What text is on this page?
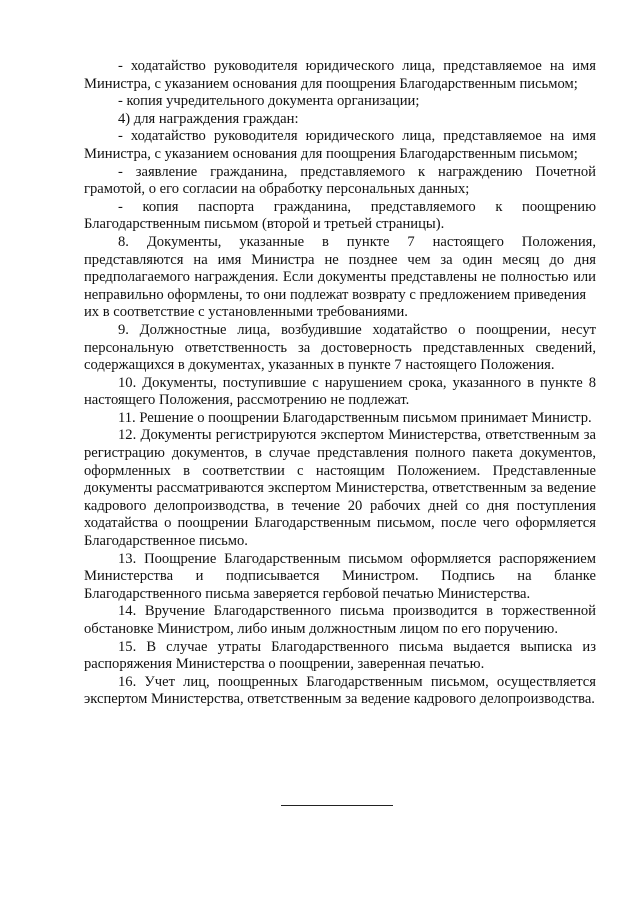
- ходатайство руководителя юридического лица, представляемое на имя Министра, с указанием основания для поощрения Благодарственным письмом;

- копия учредительного документа организации;

4) для награждения граждан:

- ходатайство руководителя юридического лица, представляемое на имя Министра, с указанием основания для поощрения Благодарственным письмом;

- заявление гражданина, представляемого к награждению Почетной грамотой, о его согласии на обработку персональных данных;

- копия паспорта гражданина, представляемого к поощрению Благодарственным письмом (второй и третьей страницы).

8. Документы, указанные в пункте 7 настоящего Положения, представляются на имя Министра не позднее чем за один месяц до дня предполагаемого награждения. Если документы представлены не полностью или неправильно оформлены, то они подлежат возврату с предложением приведения

их в соответствие с установленными требованиями.

9. Должностные лица, возбудившие ходатайство о поощрении, несут персональную ответственность за достоверность представленных сведений, содержащихся в документах, указанных в пункте 7 настоящего Положения.

10. Документы, поступившие с нарушением срока, указанного в пункте 8 настоящего Положения, рассмотрению не подлежат.

11. Решение о поощрении Благодарственным письмом принимает Министр.

12. Документы регистрируются экспертом Министерства, ответственным за регистрацию документов, в случае представления полного пакета документов, оформленных в соответствии с настоящим Положением. Представленные документы рассматриваются экспертом Министерства, ответственным за ведение кадрового делопроизводства, в течение 20 рабочих дней со дня поступления ходатайства о поощрении Благодарственным письмом, после чего оформляется Благодарственное письмо.

13. Поощрение Благодарственным письмом оформляется распоряжением Министерства и подписывается Министром. Подпись на бланке Благодарственного письма заверяется гербовой печатью Министерства.

14. Вручение Благодарственного письма производится в торжественной обстановке Министром, либо иным должностным лицом по его поручению.

15. В случае утраты Благодарственного письма выдается выписка из распоряжения Министерства о поощрении, заверенная печатью.

16. Учет лиц, поощренных Благодарственным письмом, осуществляется экспертом Министерства, ответственным за ведение кадрового делопроизводства.
